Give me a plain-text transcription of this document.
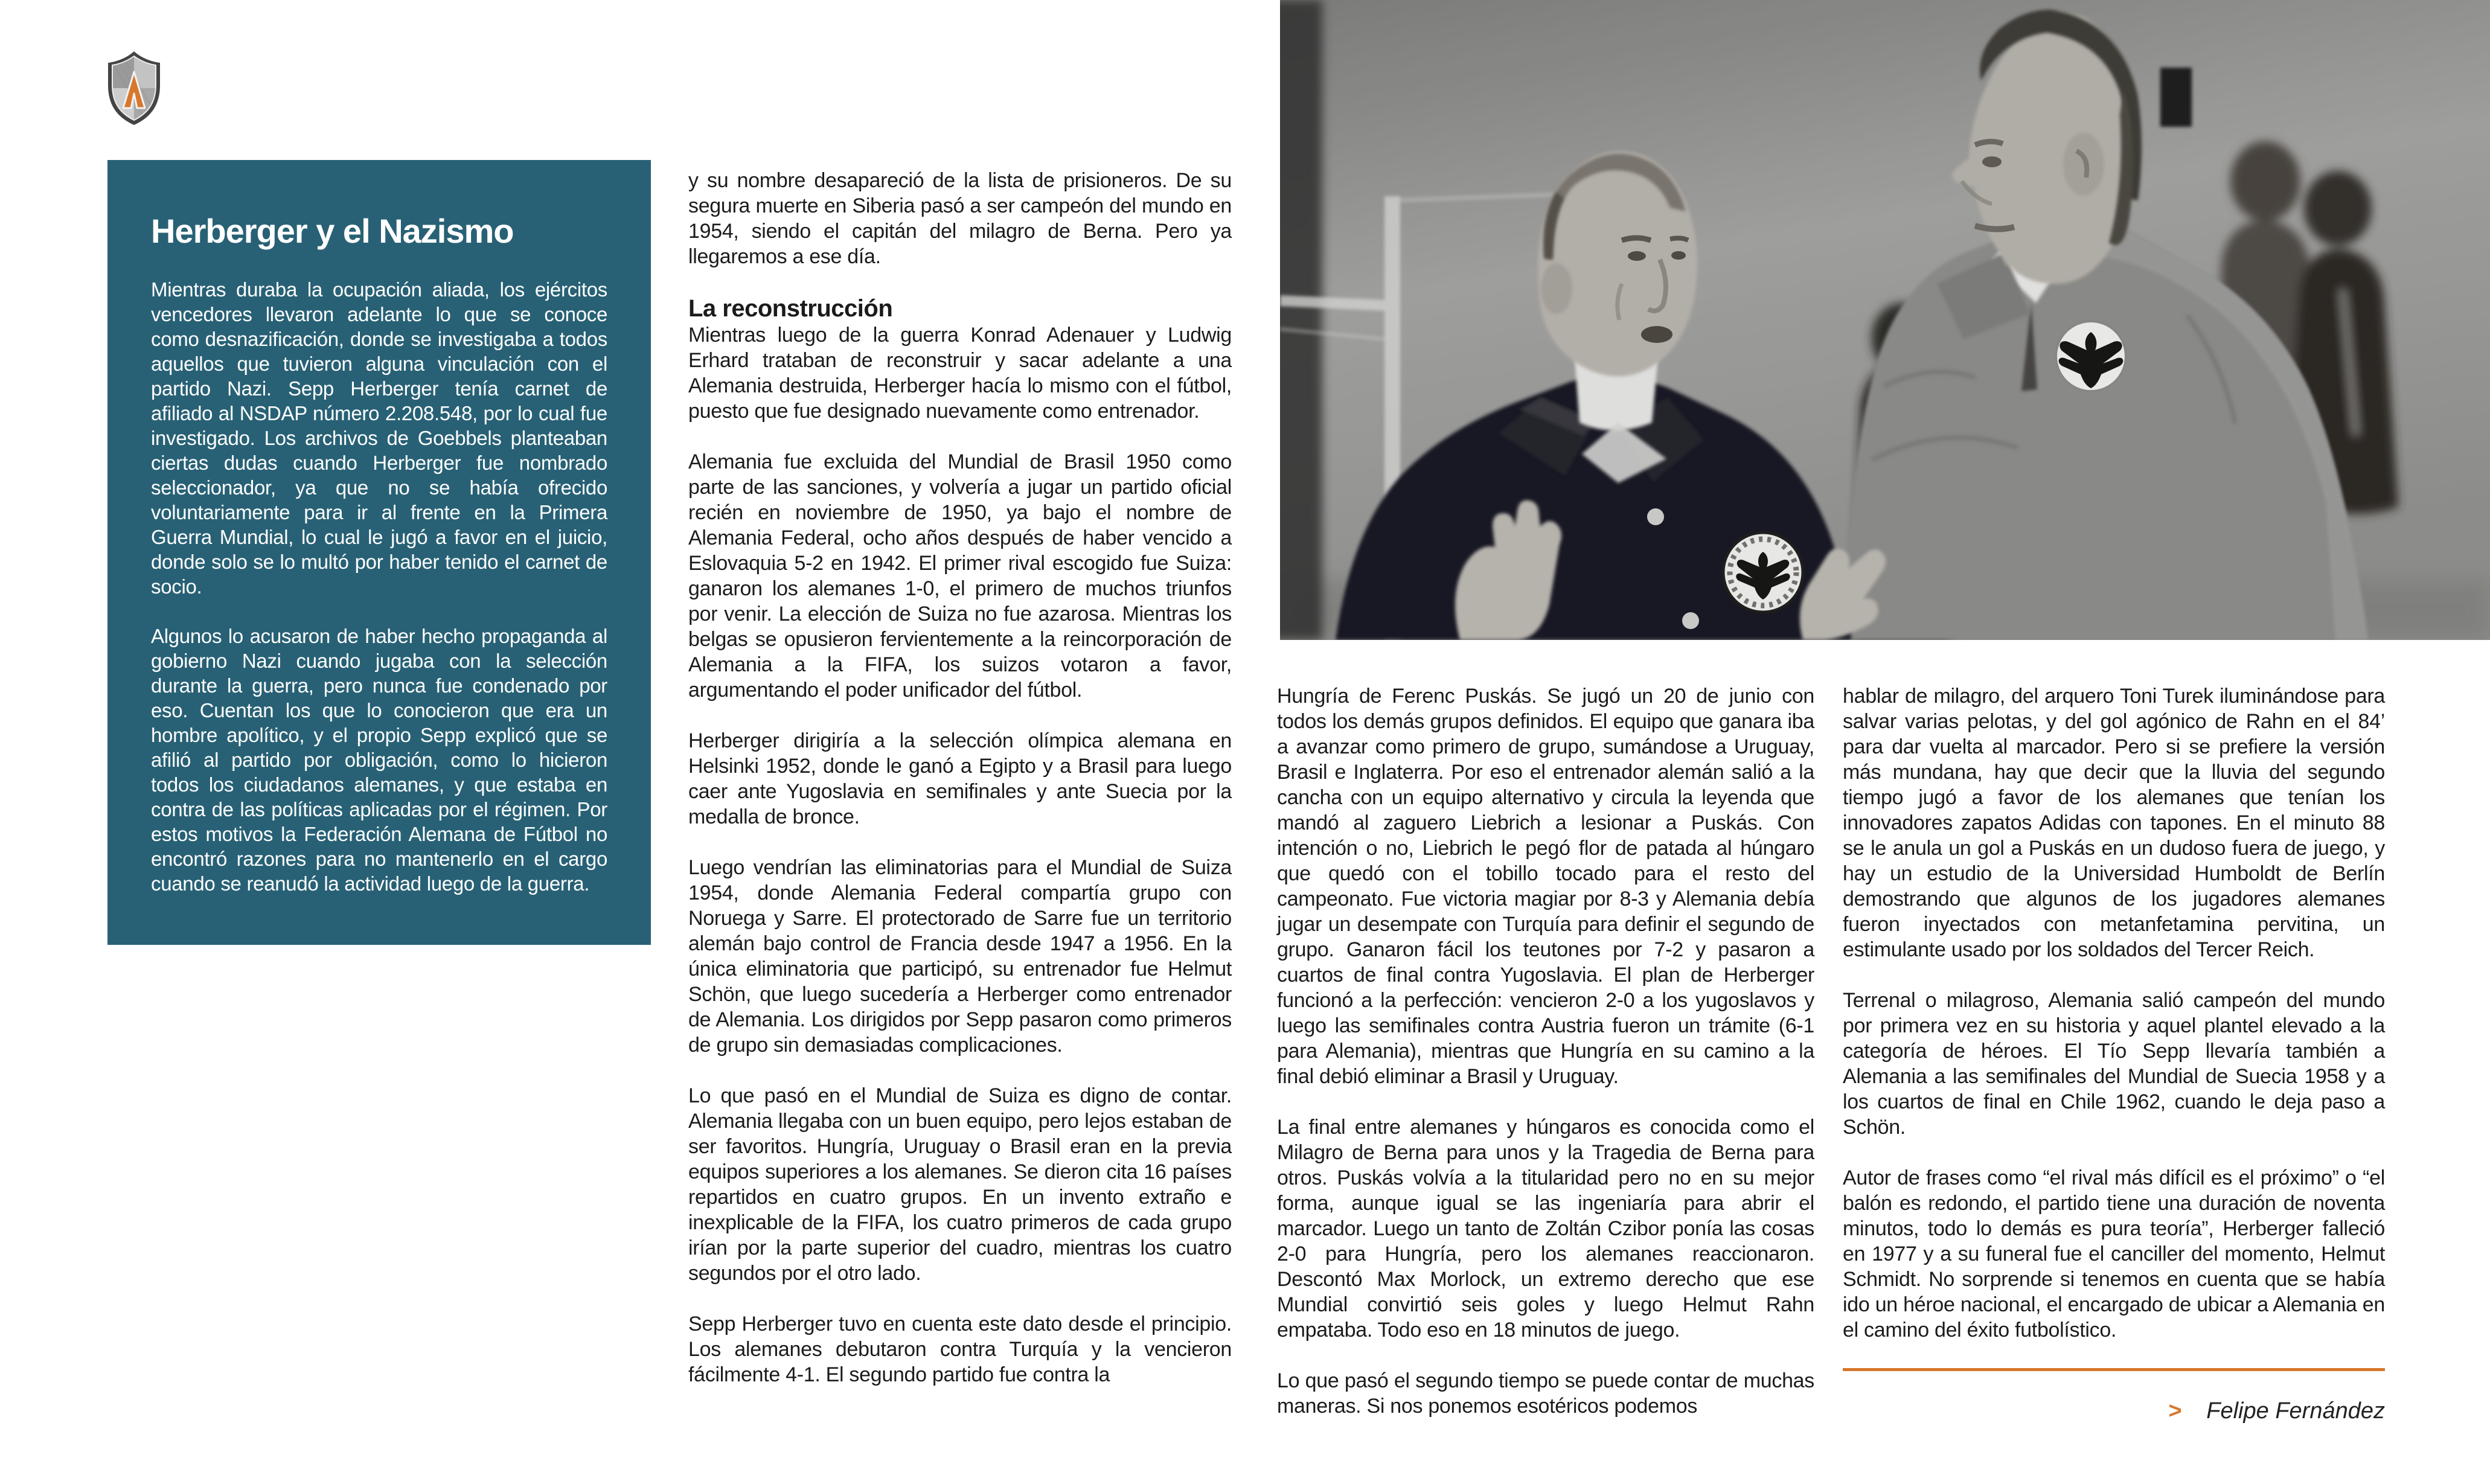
Herberger y el Nazismo

Mientras duraba la ocupación aliada, los ejércitos vencedores llevaron adelante lo que se conoce como desnazificación, donde se investigaba a todos aquellos que tuvieron alguna vinculación con el partido Nazi. Sepp Herberger tenía carnet de afiliado al NSDAP número 2.208.548, por lo cual fue investigado. Los archivos de Goebbels planteaban ciertas dudas cuando Herberger fue nombrado seleccionador, ya que no se había ofrecido voluntariamente para ir al frente en la Primera Guerra Mundial, lo cual le jugó a favor en el juicio, donde solo se lo multó por haber tenido el carnet de socio.

Algunos lo acusaron de haber hecho propaganda al gobierno Nazi cuando jugaba con la selección durante la guerra, pero nunca fue condenado por eso. Cuentan los que lo conocieron que era un hombre apolítico, y el propio Sepp explicó que se afilió al partido por obligación, como lo hicieron todos los ciudadanos alemanes, y que estaba en contra de las políticas aplicadas por el régimen. Por estos motivos la Federación Alemana de Fútbol no encontró razones para no mantenerlo en el cargo cuando se reanudó la actividad luego de la guerra.

y su nombre desapareció de la lista de prisioneros. De su segura muerte en Siberia pasó a ser campeón del mundo en 1954, siendo el capitán del milagro de Berna. Pero ya llegaremos a ese día.

La reconstrucción

Mientras luego de la guerra Konrad Adenauer y Ludwig Erhard trataban de reconstruir y sacar adelante a una Alemania destruida, Herberger hacía lo mismo con el fútbol, puesto que fue designado nuevamente como entrenador.

Alemania fue excluida del Mundial de Brasil 1950 como parte de las sanciones, y volvería a jugar un partido oficial recién en noviembre de 1950, ya bajo el nombre de Alemania Federal, ocho años después de haber vencido a Eslovaquia 5-2 en 1942. El primer rival escogido fue Suiza: ganaron los alemanes 1-0, el primero de muchos triunfos por venir. La elección de Suiza no fue azarosa. Mientras los belgas se opusieron fervientemente a la reincorporación de Alemania a la FIFA, los suizos votaron a favor, argumentando el poder unificador del fútbol.

Herberger dirigiría a la selección olímpica alemana en Helsinki 1952, donde le ganó a Egipto y a Brasil para luego caer ante Yugoslavia en semifinales y ante Suecia por la medalla de bronce.

Luego vendrían las eliminatorias para el Mundial de Suiza 1954, donde Alemania Federal compartía grupo con Noruega y Sarre. El protectorado de Sarre fue un territorio alemán bajo control de Francia desde 1947 a 1956. En la única eliminatoria que participó, su entrenador fue Helmut Schön, que luego sucedería a Herberger como entrenador de Alemania. Los dirigidos por Sepp pasaron como primeros de grupo sin demasiadas complicaciones.

Lo que pasó en el Mundial de Suiza es digno de contar. Alemania llegaba con un buen equipo, pero lejos estaban de ser favoritos. Hungría, Uruguay o Brasil eran en la previa equipos superiores a los alemanes. Se dieron cita 16 países repartidos en cuatro grupos. En un invento extraño e inexplicable de la FIFA, los cuatro primeros de cada grupo irían por la parte superior del cuadro, mientras los cuatro segundos por el otro lado.

Sepp Herberger tuvo en cuenta este dato desde el principio. Los alemanes debutaron contra Turquía y la vencieron fácilmente 4-1. El segundo partido fue contra la

Hungría de Ferenc Puskás. Se jugó un 20 de junio con todos los demás grupos definidos. El equipo que ganara iba a avanzar como primero de grupo, sumándose a Uruguay, Brasil e Inglaterra. Por eso el entrenador alemán salió a la cancha con un equipo alternativo y circula la leyenda que mandó al zaguero Liebrich a lesionar a Puskás. Con intención o no, Liebrich le pegó flor de patada al húngaro que quedó con el tobillo tocado para el resto del campeonato. Fue victoria magiar por 8-3 y Alemania debía jugar un desempate con Turquía para definir el segundo de grupo. Ganaron fácil los teutones por 7-2 y pasaron a cuartos de final contra Yugoslavia. El plan de Herberger funcionó a la perfección: vencieron 2-0 a los yugoslavos y luego las semifinales contra Austria fueron un trámite (6-1 para Alemania), mientras que Hungría en su camino a la final debió eliminar a Brasil y Uruguay.

La final entre alemanes y húngaros es conocida como el Milagro de Berna para unos y la Tragedia de Berna para otros. Puskás volvía a la titularidad pero no en su mejor forma, aunque igual se las ingeniaría para abrir el marcador. Luego un tanto de Zoltán Czibor ponía las cosas 2-0 para Hungría, pero los alemanes reaccionaron. Descontó Max Morlock, un extremo derecho que ese Mundial convirtió seis goles y luego Helmut Rahn empataba. Todo eso en 18 minutos de juego.

Lo que pasó el segundo tiempo se puede contar de muchas maneras. Si nos ponemos esotéricos podemos

hablar de milagro, del arquero Toni Turek iluminándose para salvar varias pelotas, y del gol agónico de Rahn en el 84’ para dar vuelta al marcador. Pero si se prefiere la versión más mundana, hay que decir que la lluvia del segundo tiempo jugó a favor de los alemanes que tenían los innovadores zapatos Adidas con tapones. En el minuto 88 se le anula un gol a Puskás en un dudoso fuera de juego, y hay un estudio de la Universidad Humboldt de Berlín demostrando que algunos de los jugadores alemanes fueron inyectados con metanfetamina pervitina, un estimulante usado por los soldados del Tercer Reich.

Terrenal o milagroso, Alemania salió campeón del mundo por primera vez en su historia y aquel plantel elevado a la categoría de héroes. El Tío Sepp llevaría también a Alemania a las semifinales del Mundial de Suecia 1958 y a los cuartos de final en Chile 1962, cuando le deja paso a Schön.

Autor de frases como “el rival más difícil es el próximo” o “el balón es redondo, el partido tiene una duración de noventa minutos, todo lo demás es pura teoría”, Herberger falleció en 1977 y a su funeral fue el canciller del momento, Helmut Schmidt. No sorprende si tenemos en cuenta que se había ido un héroe nacional, el encargado de ubicar a Alemania en el camino del éxito futbolístico.

> Felipe Fernández
